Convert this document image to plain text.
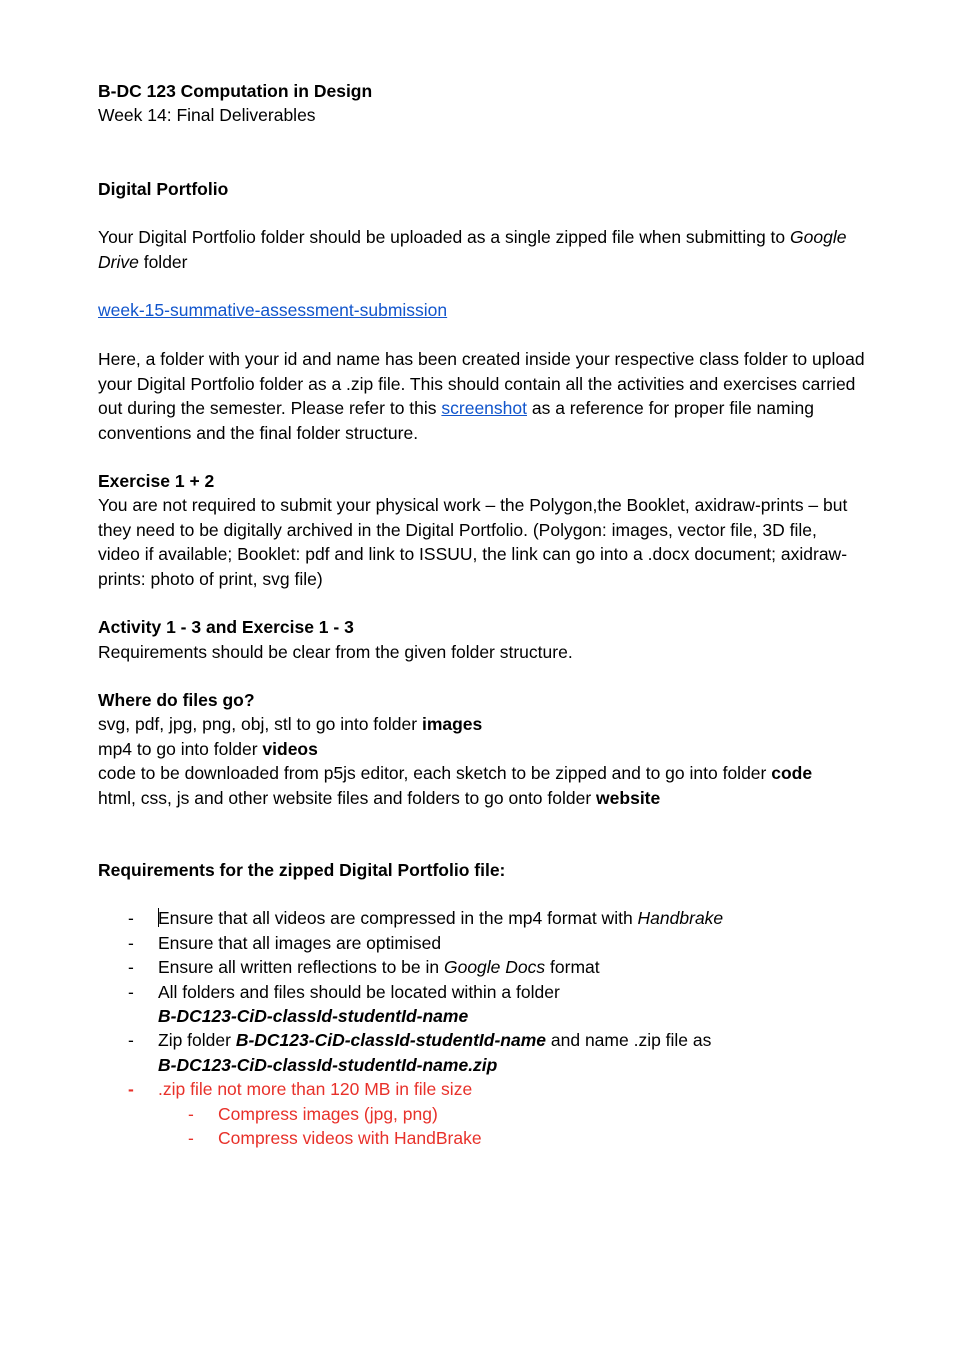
B-DC 123 Computation in Design
Week 14: Final Deliverables
Digital Portfolio

Your Digital Portfolio folder should be uploaded as a single zipped file when submitting to Google Drive folder

week-15-summative-assessment-submission

Here, a folder with your id and name has been created inside your respective class folder to upload your Digital Portfolio folder as a .zip file. This should contain all the activities and exercises carried out during the semester. Please refer to this screenshot as a reference for proper file naming conventions and the final folder structure.

Exercise 1 + 2

You are not required to submit your physical work – the Polygon,the Booklet, axidraw-prints – but they need to be digitally archived in the Digital Portfolio. (Polygon: images, vector file, 3D file, video if available; Booklet: pdf and link to ISSUU, the link can go into a .docx document; axidraw-prints: photo of print, svg file)

Activity 1 - 3 and Exercise 1 - 3

Requirements should be clear from the given folder structure.

Where do files go?

svg, pdf, jpg, png, obj, stl to go into folder images

mp4 to go into folder videos

code to be downloaded from p5js editor, each sketch to be zipped and to go into folder code

html, css, js and other website files and folders to go onto folder website

Requirements for the zipped Digital Portfolio file:
- Ensure that all videos are compressed in the mp4 format with Handbrake
- Ensure that all images are optimised
- Ensure all written reflections to be in Google Docs format
- All folders and files should be located within a folder
B-DC123-CiD-classId-studentId-name
- Zip folder B-DC123-CiD-classId-studentId-name and name .zip file as
B-DC123-CiD-classId-studentId-name.zip
- .zip file not more than 120 MB in file size
- Compress images (jpg, png)
- Compress videos with HandBrake
